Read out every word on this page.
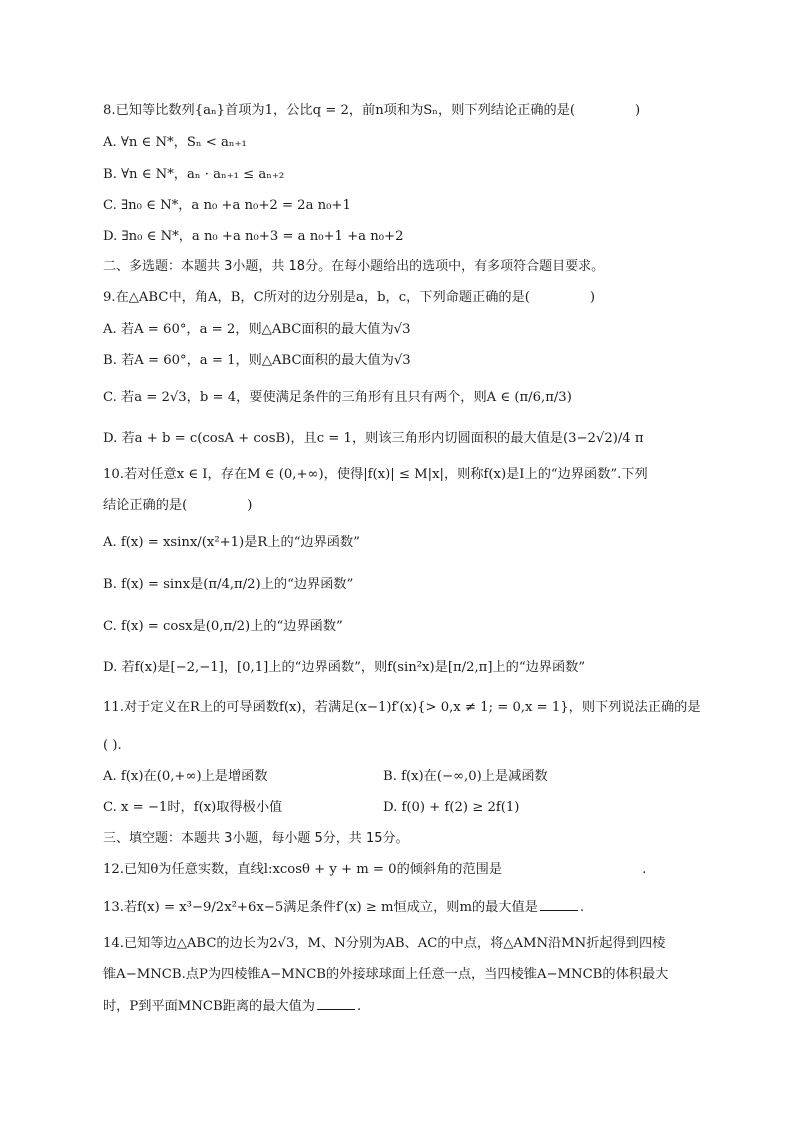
8.已知等比数列{aₙ}首项为1，公比q = 2，前n项和为Sₙ，则下列结论正确的是(	)
A. ∀n ∈ N*，Sₙ < aₙ₊₁
B. ∀n ∈ N*，aₙ · aₙ₊₁ ≤ aₙ₊₂
C. ∃n₀ ∈ N*，a n₀ +a n₀+2 = 2a n₀+1
D. ∃n₀ ∈ N*，a n₀ +a n₀+3 = a n₀+1 +a n₀+2
二、多选题：本题共 3小题，共 18分。在每小题给出的选项中，有多项符合题目要求。
9.在△ABC中，角A，B，C所对的边分别是a，b，c，下列命题正确的是(	)
A. 若A = 60°，a = 2，则△ABC面积的最大值为√3
B. 若A = 60°，a = 1，则△ABC面积的最大值为√3
C. 若a = 2√3，b = 4，要使满足条件的三角形有且只有两个，则A ∈ (π/6,π/3)
D. 若a + b = c(cosA + cosB)，且c = 1，则该三角形内切圆面积的最大值是(3−2√2)/4 π
10.若对任意x ∈ I，存在M ∈ (0,+∞)，使得|f(x)| ≤ M|x|，则称f(x)是I上的“边界函数”.下列
结论正确的是(	)
A. f(x) = xsinx/(x²+1)是R上的“边界函数”
B. f(x) = sinx是(π/4,π/2)上的“边界函数”
C. f(x) = cosx是(0,π/2)上的“边界函数”
D. 若f(x)是[−2,−1]，[0,1]上的“边界函数”，则f(sin²x)是[π/2,π]上的“边界函数”
11.对于定义在R上的可导函数f(x)，若满足(x−1)f′(x){> 0,x ≠ 1; = 0,x = 1}，则下列说法正确的是
( ).
A. f(x)在(0,+∞)上是增函数	B. f(x)在(−∞,0)上是减函数
C. x = −1时，f(x)取得极小值	D. f(0) + f(2) ≥ 2f(1)
三、填空题：本题共 3小题，每小题 5分，共 15分。
12.已知θ为任意实数，直线l:xcosθ + y + m = 0的倾斜角的范围是	.
13.若f(x) = x³−9/2x²+6x−5满足条件f′(x) ≥ m恒成立，则m的最大值是	.
14.已知等边△ABC的边长为2√3，M、N分别为AB、AC的中点，将△AMN沿MN折起得到四棱
锥A−MNCB.点P为四棱锥A−MNCB的外接球球面上任意一点，当四棱锥A−MNCB的体积最大
时，P到平面MNCB距离的最大值为	.
